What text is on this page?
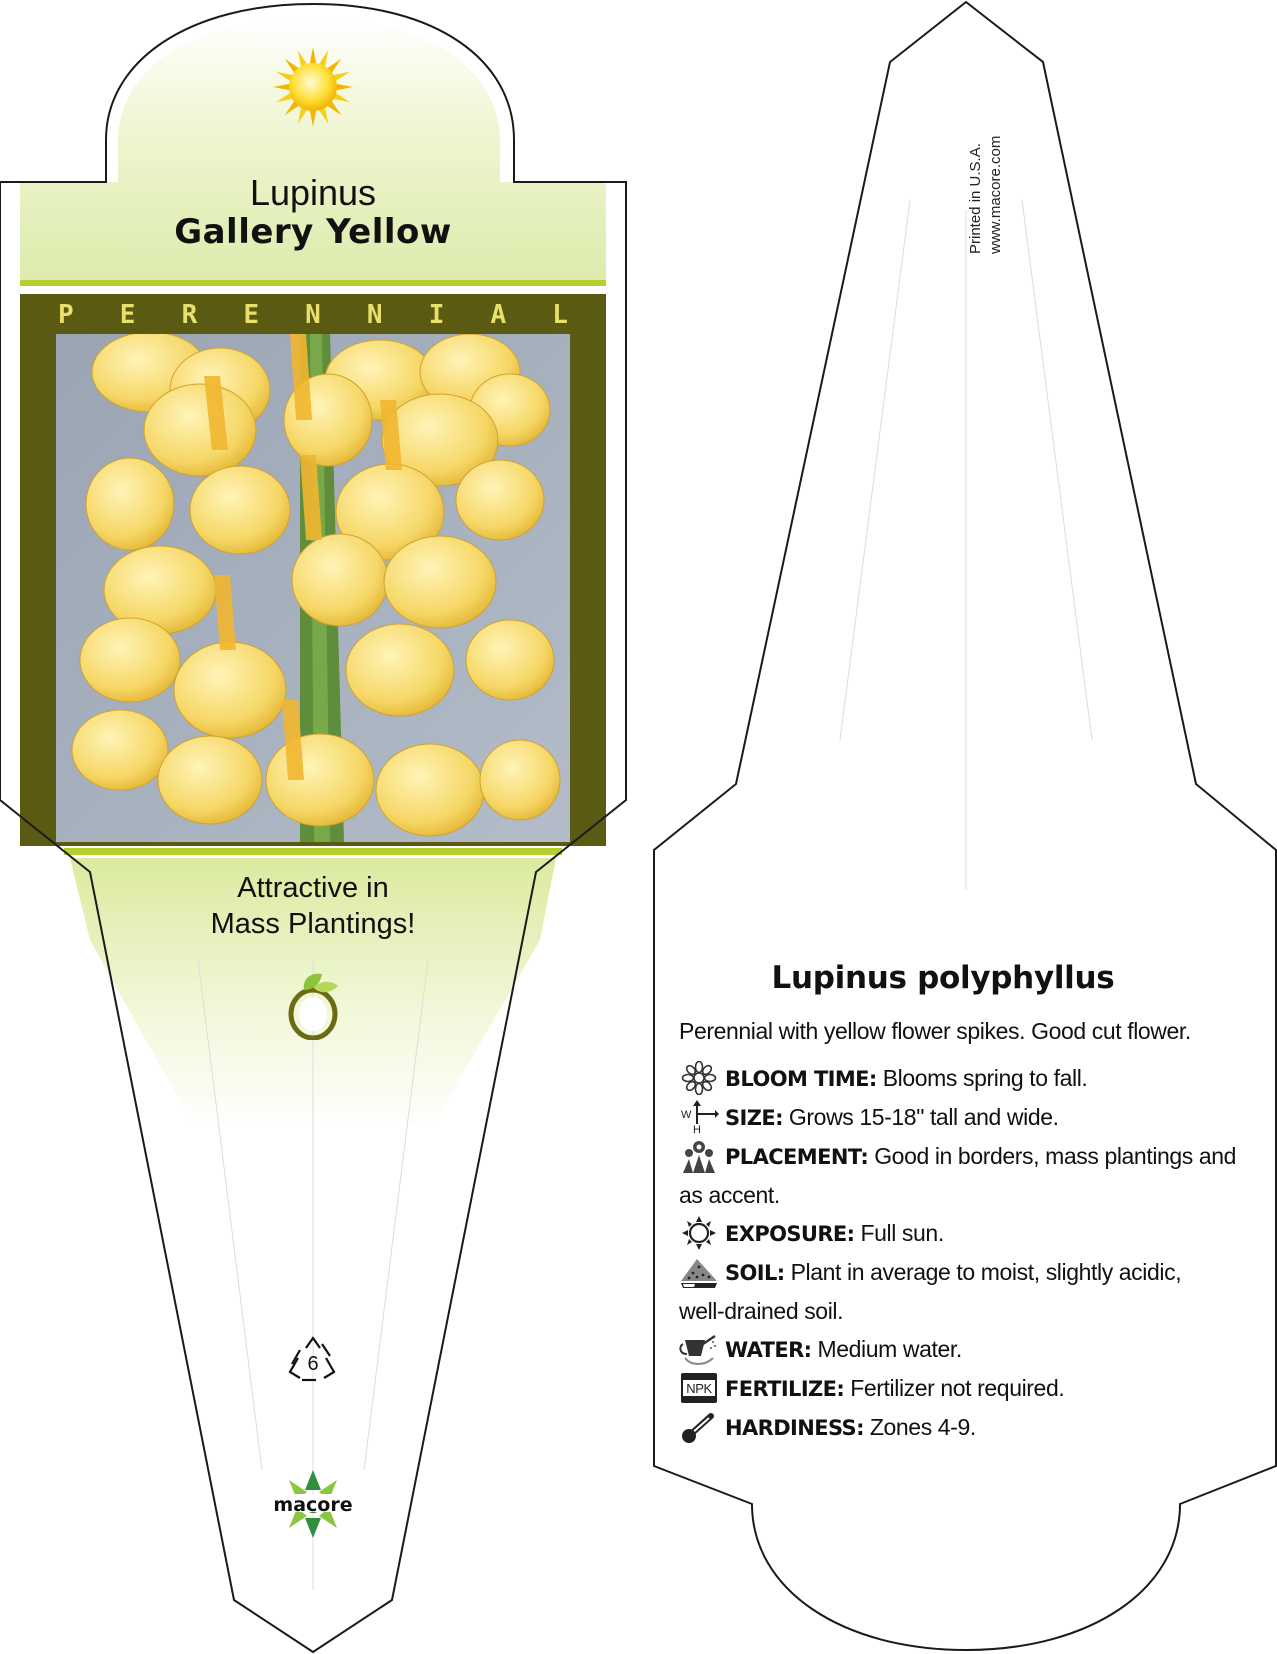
Lupinus
Gallery Yellow
P E R E N N I A L
Attractive in
Mass Plantings!
6
macore
Printed in U.S.A. www.macore.com
Lupinus polyphyllus
Perennial with yellow flower spikes. Good cut flower.
BLOOM TIME: Blooms spring to fall.
W
H SIZE: Grows 15-18" tall and wide.
PLACEMENT: Good in borders, mass plantings and
as accent.
EXPOSURE: Full sun.
SOIL: Plant in average to moist, slightly acidic,
well-drained soil.
WATER: Medium water.
NPK FERTILIZE: Fertilizer not required.
HARDINESS: Zones 4-9.
